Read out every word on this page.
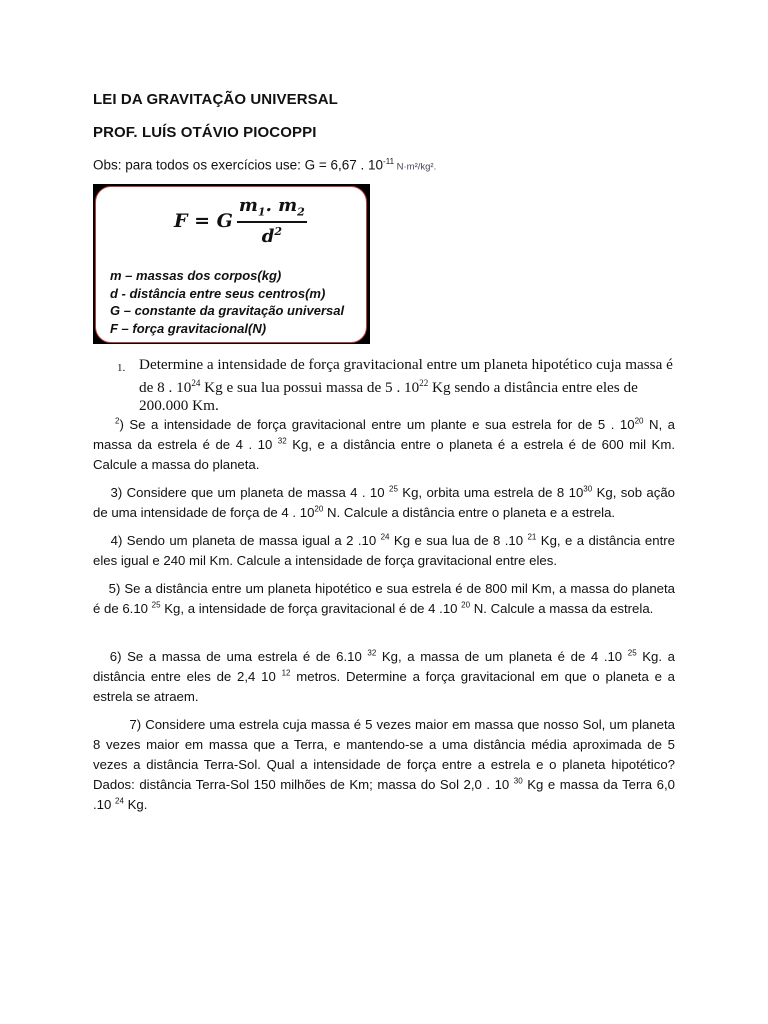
LEI DA GRAVITAÇÃO UNIVERSAL
PROF. LUÍS OTÁVIO PIOCOPPI
Obs: para todos os exercícios use: G = 6,67 . $10^{-11}$ N·m²/kg².
F = G $\frac{m_1. m_2}{d^2}$
m – massas dos corpos(kg)
d - distância entre seus centros(m)
G – constante da gravitação universal
F – força gravitacional(N)
1. Determine a intensidade de força gravitacional entre um planeta hipotético cuja massa é de 8 . $10^{24}$ Kg e sua lua possui massa de 5 . $10^{22}$ Kg sendo a distância entre eles de 200.000 Km.
$^2$) Se a intensidade de força gravitacional entre um plante e sua estrela for de 5 . $10^{20}$ N, a massa da estrela é de 4 . 10 $^{32}$ Kg, e a distância entre o planeta é a estrela é de 600 mil Km. Calcule a massa do planeta.
3) Considere que um planeta de massa 4 . 10 $^{25}$ Kg, orbita uma estrela de 8 $10^{30}$ Kg, sob ação de uma intensidade de força de 4 . $10^{20}$ N. Calcule a distância entre o planeta e a estrela.
4) Sendo um planeta de massa igual a 2 .10 $^{24}$ Kg e sua lua de 8 .10 $^{21}$ Kg, e a distância entre eles igual e 240 mil Km. Calcule a intensidade de força gravitacional entre eles.
5) Se a distância entre um planeta hipotético e sua estrela é de 800 mil Km, a massa do planeta é de 6.10 $^{25}$ Kg, a intensidade de força gravitacional é de 4 .10 $^{20}$ N. Calcule a massa da estrela.
6) Se a massa de uma estrela é de 6.10 $^{32}$ Kg, a massa de um planeta é de 4 .10 $^{25}$ Kg. a distância entre eles de 2,4 10 $^{12}$ metros. Determine a força gravitacional em que o planeta e a estrela se atraem.
7) Considere uma estrela cuja massa é 5 vezes maior em massa que nosso Sol, um planeta 8 vezes maior em massa que a Terra, e mantendo-se a uma distância média aproximada de 5 vezes a distância Terra-Sol. Qual a intensidade de força entre a estrela e o planeta hipotético? Dados: distância Terra-Sol 150 milhões de Km; massa do Sol 2,0 . 10 $^{30}$ Kg e massa da Terra 6,0 .10 $^{24}$ Kg.
